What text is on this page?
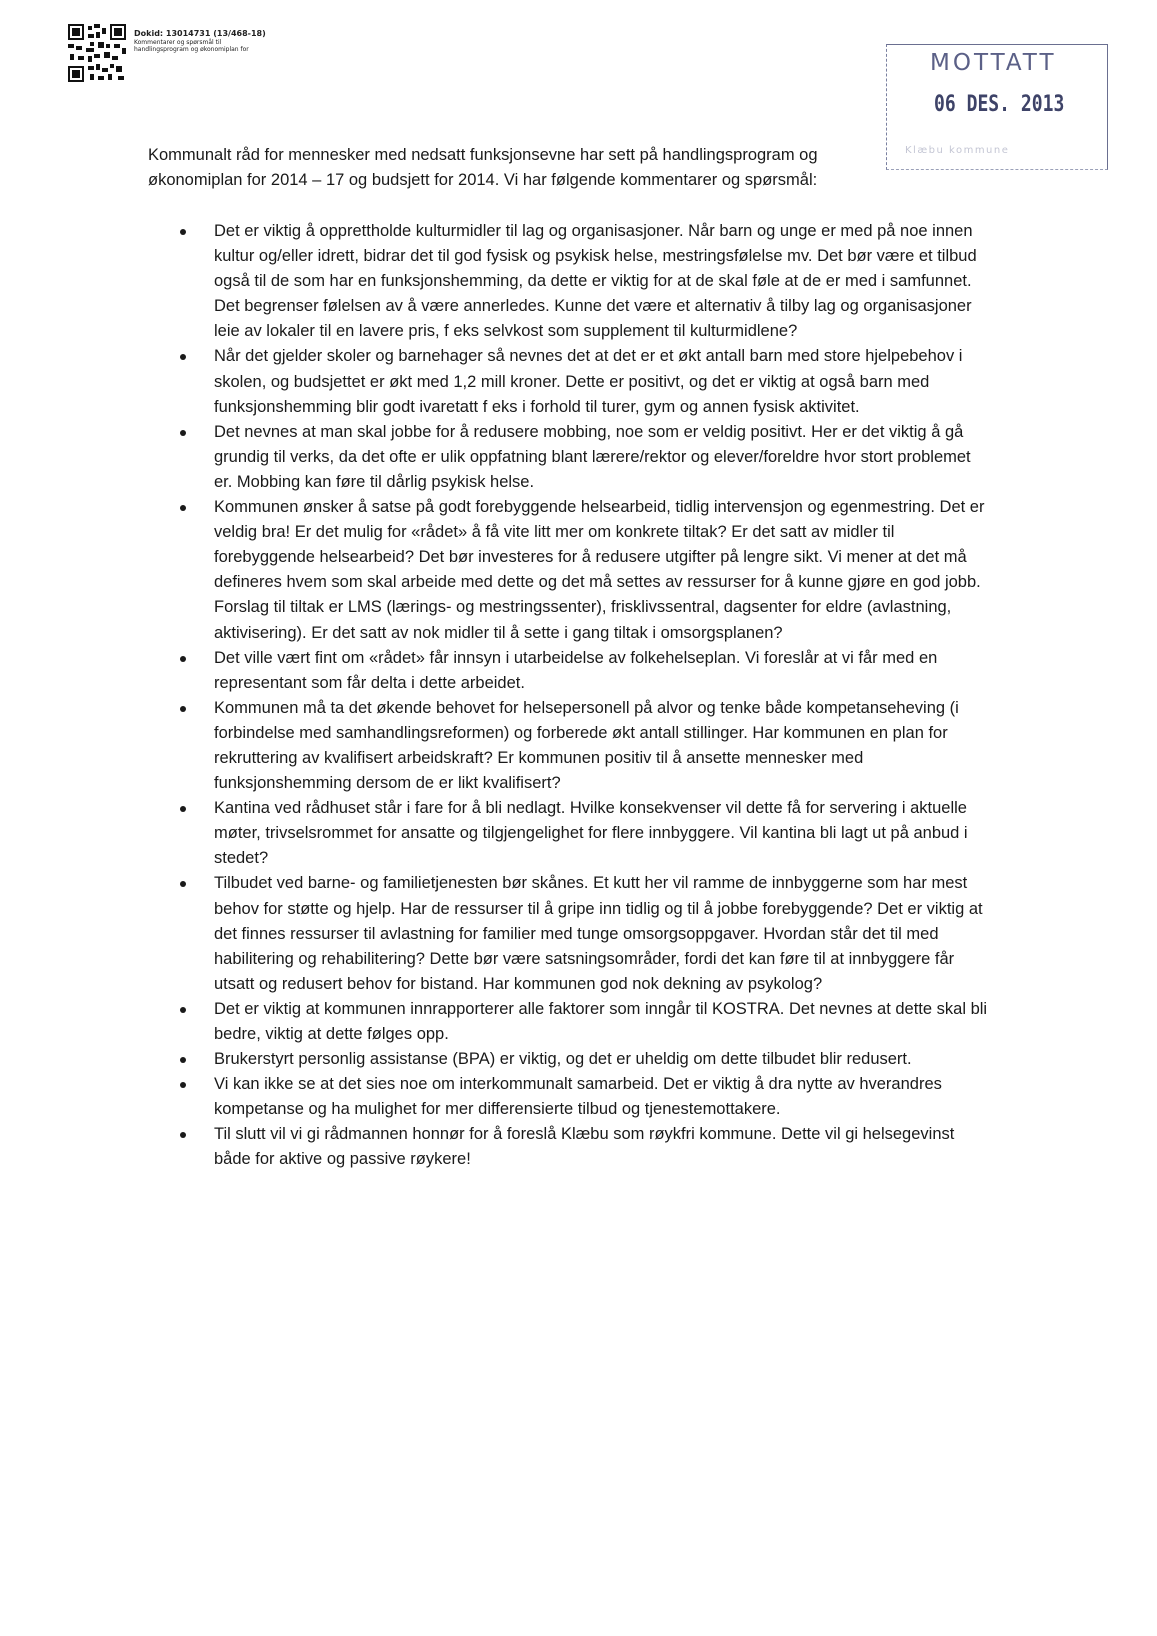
Dokid: 13014731 (13/468-18)
Kommentarer og spørsmål til
handlingsprogram og økonomiplan for
MOTTATT
06 DES. 2013
Klæbu kommune

Kommunalt råd for mennesker med nedsatt funksjonsevne har sett på handlingsprogram og

økonomiplan for 2014 – 17 og budsjett for 2014. Vi har følgende kommentarer og spørsmål:

Det er viktig å opprettholde kulturmidler til lag og organisasjoner. Når barn og unge er med på noe innen kultur og/eller idrett, bidrar det til god fysisk og psykisk helse, mestringsfølelse mv. Det bør være et tilbud også til de som har en funksjonshemming, da dette er viktig for at de skal føle at de er med i samfunnet. Det begrenser følelsen av å være annerledes. Kunne det være et alternativ å tilby lag og organisasjoner leie av lokaler til en lavere pris, f eks selvkost som supplement til kulturmidlene?
Når det gjelder skoler og barnehager så nevnes det at det er et økt antall barn med store hjelpebehov i skolen, og budsjettet er økt med 1,2 mill kroner. Dette er positivt, og det er viktig at også barn med funksjonshemming blir godt ivaretatt f eks i forhold til turer, gym og annen fysisk aktivitet.
Det nevnes at man skal jobbe for å redusere mobbing, noe som er veldig positivt. Her er det viktig å gå grundig til verks, da det ofte er ulik oppfatning blant lærere/rektor og elever/foreldre hvor stort problemet er. Mobbing kan føre til dårlig psykisk helse.
Kommunen ønsker å satse på godt forebyggende helsearbeid, tidlig intervensjon og egenmestring. Det er veldig bra! Er det mulig for «rådet» å få vite litt mer om konkrete tiltak? Er det satt av midler til forebyggende helsearbeid? Det bør investeres for å redusere utgifter på lengre sikt. Vi mener at det må defineres hvem som skal arbeide med dette og det må settes av ressurser for å kunne gjøre en god jobb. Forslag til tiltak er LMS (lærings- og mestringssenter), frisklivssentral, dagsenter for eldre (avlastning, aktivisering). Er det satt av nok midler til å sette i gang tiltak i omsorgsplanen?
Det ville vært fint om «rådet» får innsyn i utarbeidelse av folkehelseplan. Vi foreslår at vi får med en representant som får delta i dette arbeidet.
Kommunen må ta det økende behovet for helsepersonell på alvor og tenke både kompetanseheving (i forbindelse med samhandlingsreformen) og forberede økt antall stillinger. Har kommunen en plan for rekruttering av kvalifisert arbeidskraft? Er kommunen positiv til å ansette mennesker med funksjonshemming dersom de er likt kvalifisert?
Kantina ved rådhuset står i fare for å bli nedlagt. Hvilke konsekvenser vil dette få for servering i aktuelle møter, trivselsrommet for ansatte og tilgjengelighet for flere innbyggere. Vil kantina bli lagt ut på anbud i stedet?
Tilbudet ved barne- og familietjenesten bør skånes. Et kutt her vil ramme de innbyggerne som har mest behov for støtte og hjelp. Har de ressurser til å gripe inn tidlig og til å jobbe forebyggende? Det er viktig at det finnes ressurser til avlastning for familier med tunge omsorgsoppgaver. Hvordan står det til med habilitering og rehabilitering? Dette bør være satsningsområder, fordi det kan føre til at innbyggere får utsatt og redusert behov for bistand. Har kommunen god nok dekning av psykolog?
Det er viktig at kommunen innrapporterer alle faktorer som inngår til KOSTRA. Det nevnes at dette skal bli bedre, viktig at dette følges opp.
Brukerstyrt personlig assistanse (BPA) er viktig, og det er uheldig om dette tilbudet blir redusert.
Vi kan ikke se at det sies noe om interkommunalt samarbeid. Det er viktig å dra nytte av hverandres kompetanse og ha mulighet for mer differensierte tilbud og tjenestemottakere.
Til slutt vil vi gi rådmannen honnør for å foreslå Klæbu som røykfri kommune. Dette vil gi helsegevinst både for aktive og passive røykere!
